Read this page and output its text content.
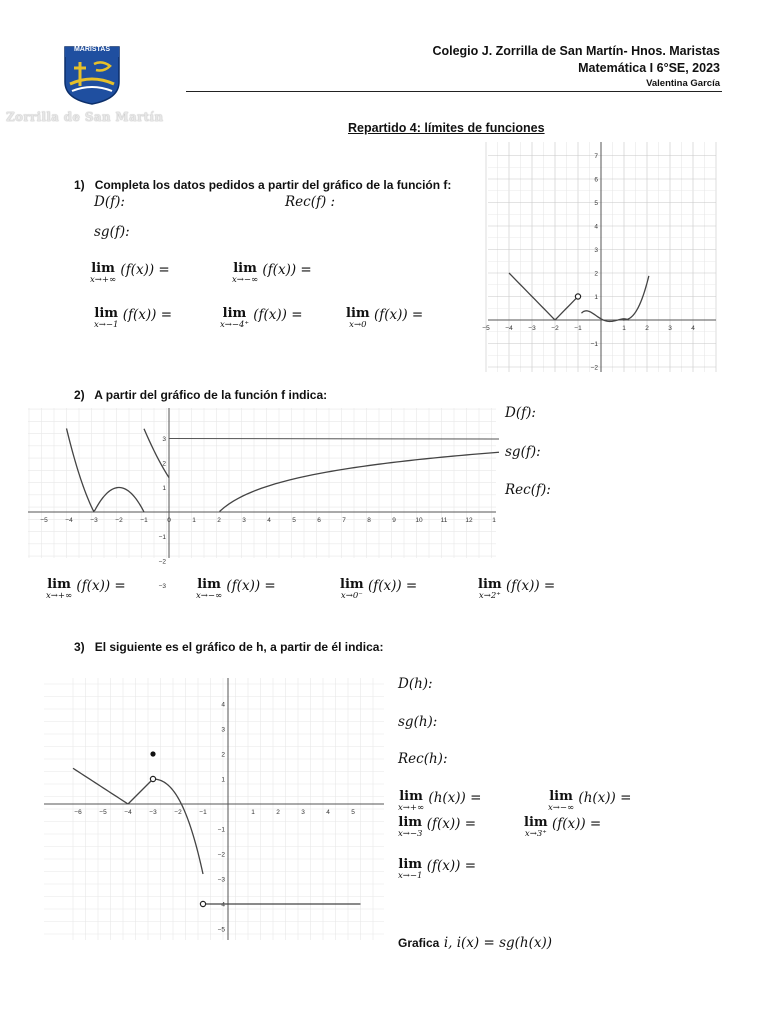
MARISTAS
Zorrilla de San Martín
Colegio J. Zorrilla de San Martín- Hnos. Maristas
Matemática I 6°SE, 2023
Valentina García
Repartido 4: límites de funciones
1) Completa los datos pedidos a partir del gráfico de la función f:
D(f):	Rec(f) :
sg(f):
lim
x→+∞
(f(x)) =	lim
x→−∞
(f(x)) =
lim
x→−1
(f(x)) =	lim
x→−4⁺
(f(x)) =	lim
x→0
(f(x)) =
−5 −4 −3 −2 −1	1	2	3	4
7
6
5
4
3
2
1
−1
−2
2) A partir del gráfico de la función f indica:
−5	−4	−3	−2	−1	0	1	2	3	4	5	6	7	8	9	10	11	12	1
3
2
1
−1
−2
−3
D(f):
sg(f):
Rec(f):
lim
x→+∞
(f(x)) =	lim
x→−∞
(f(x)) =	lim
x→0⁻
(f(x)) =	lim
x→2⁺
(f(x)) =
3) El siguiente es el gráfico de h, a partir de él indica:
−6	−5	−4	−3	−2	−1	1	2	3	4	5
4
3
2
1
−1
−2
−3
−4
−5
D(h):
sg(h):
Rec(h):
lim
x→+∞
(h(x)) =	lim
x→−∞
(h(x)) =
lim
x→−3
(f(x)) =	lim
x→3⁺
(f(x)) =
lim
x→−1
(f(x)) =
Grafica i, i(x) = sg(h(x))
